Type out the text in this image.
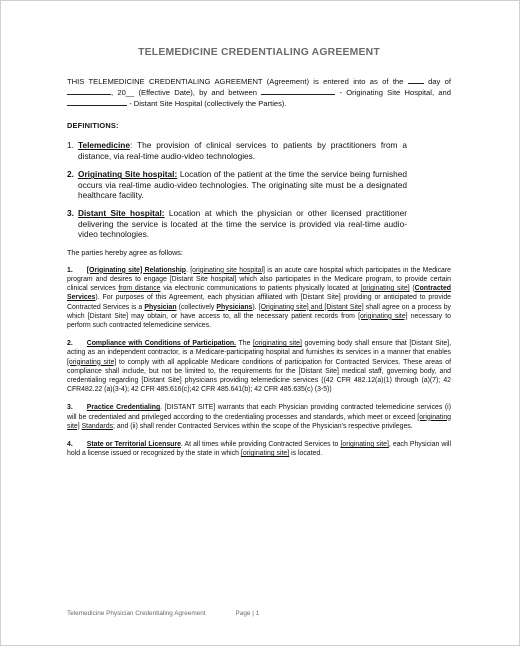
TELEMEDICINE CREDENTIALING AGREEMENT

THIS TELEMEDICINE CREDENTIALING AGREEMENT (Agreement) is entered into as of the	day of , 20__ (Effective Date), by and between	- Originating Site Hospital, and  - Distant Site Hospital (collectively the Parties).

DEFINITIONS:
1. Telemedicine: The provision of clinical services to patients by practitioners from a distance, via real-time audio-video technologies.
2. Originating Site hospital: Location of the patient at the time the service being furnished occurs via real-time audio-video technologies. The originating site must be a designated healthcare facility.
3. Distant Site hospital: Location at which the physician or other licensed practitioner delivering the service is located at the time the service is provided via real-time audio-video technologies.

The parties hereby agree as follows:

1. [Originating site] Relationship. [originating site hospital] is an acute care hospital which participates in the Medicare program and desires to engage [Distant Site hospital] which also participates in the Medicare program, to provide certain clinical services from distance via electronic communications to patients physically located at [originating site] (Contracted Services). For purposes of this Agreement, each physician affiliated with [Distant Site] providing or anticipated to provide Contracted Services is a Physician (collectively Physicians). [Originating site] and [Distant Site] shall agree on a process by which [Distant Site] may obtain, or have access to, all the necessary patient records from [originating site] necessary to perform such contracted telemedicine services.

2. Compliance with Conditions of Participation. The [originating site] governing body shall ensure that [Distant Site], acting as an independent contractor, is a Medicare-participating hospital and furnishes its services in a manner that enables [originating site] to comply with all applicable Medicare conditions of participation for Contracted Services. These areas of compliance shall include, but not be limited to, the requirements for the [Distant Site] medical staff, governing body, and credentialing regarding [Distant Site] physicians providing telemedicine services ((42 CFR 482.12(a)(1) through (a)(7); 42 CFR482.22 (a)(3-4); 42 CFR 485.616(c);42 CFR 485.641(b); 42 CFR 485.635(c) (3-5))

3. Practice Credentialing. [DISTANT SITE] warrants that each Physician providing contracted telemedicine services (i) will be credentialed and privileged according to the credentialing processes and standards, which meet or exceed [originating site] Standards; and (ii) shall render Contracted Services within the scope of the Physician's respective privileges.

4. State or Territorial Licensure. At all times while providing Contracted Services to [originating site], each Physician will hold a license issued or recognized by the state in which [originating site] is located.

Telemedicine Physician Credentialing Agreement	Page | 1
